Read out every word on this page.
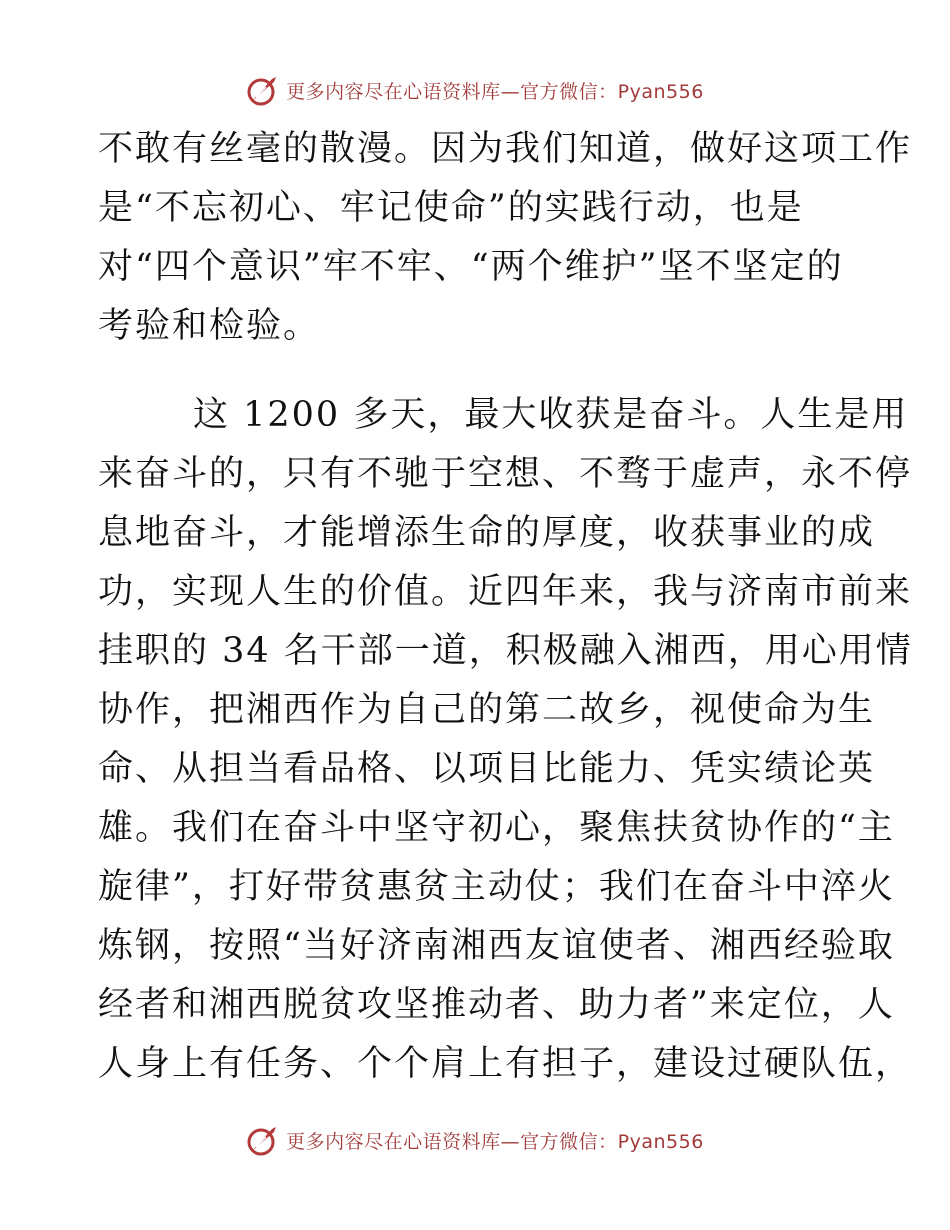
更多内容尽在心语资料库—官方微信：Pyan556
不敢有丝毫的散漫。因为我们知道，做好这项工作
是“不忘初心、牢记使命”的实践行动，也是
对“四个意识”牢不牢、“两个维护”坚不坚定的
考验和检验。
这 1200 多天，最大收获是奋斗。人生是用
来奋斗的，只有不驰于空想、不骛于虚声，永不停
息地奋斗，才能增添生命的厚度，收获事业的成
功，实现人生的价值。近四年来，我与济南市前来
挂职的 34 名干部一道，积极融入湘西，用心用情
协作，把湘西作为自己的第二故乡，视使命为生
命、从担当看品格、以项目比能力、凭实绩论英
雄。我们在奋斗中坚守初心，聚焦扶贫协作的“主
旋律”，打好带贫惠贫主动仗；我们在奋斗中淬火
炼钢，按照“当好济南湘西友谊使者、湘西经验取
经者和湘西脱贫攻坚推动者、助力者”来定位，人
人身上有任务、个个肩上有担子，建设过硬队伍，
更多内容尽在心语资料库—官方微信：Pyan556
